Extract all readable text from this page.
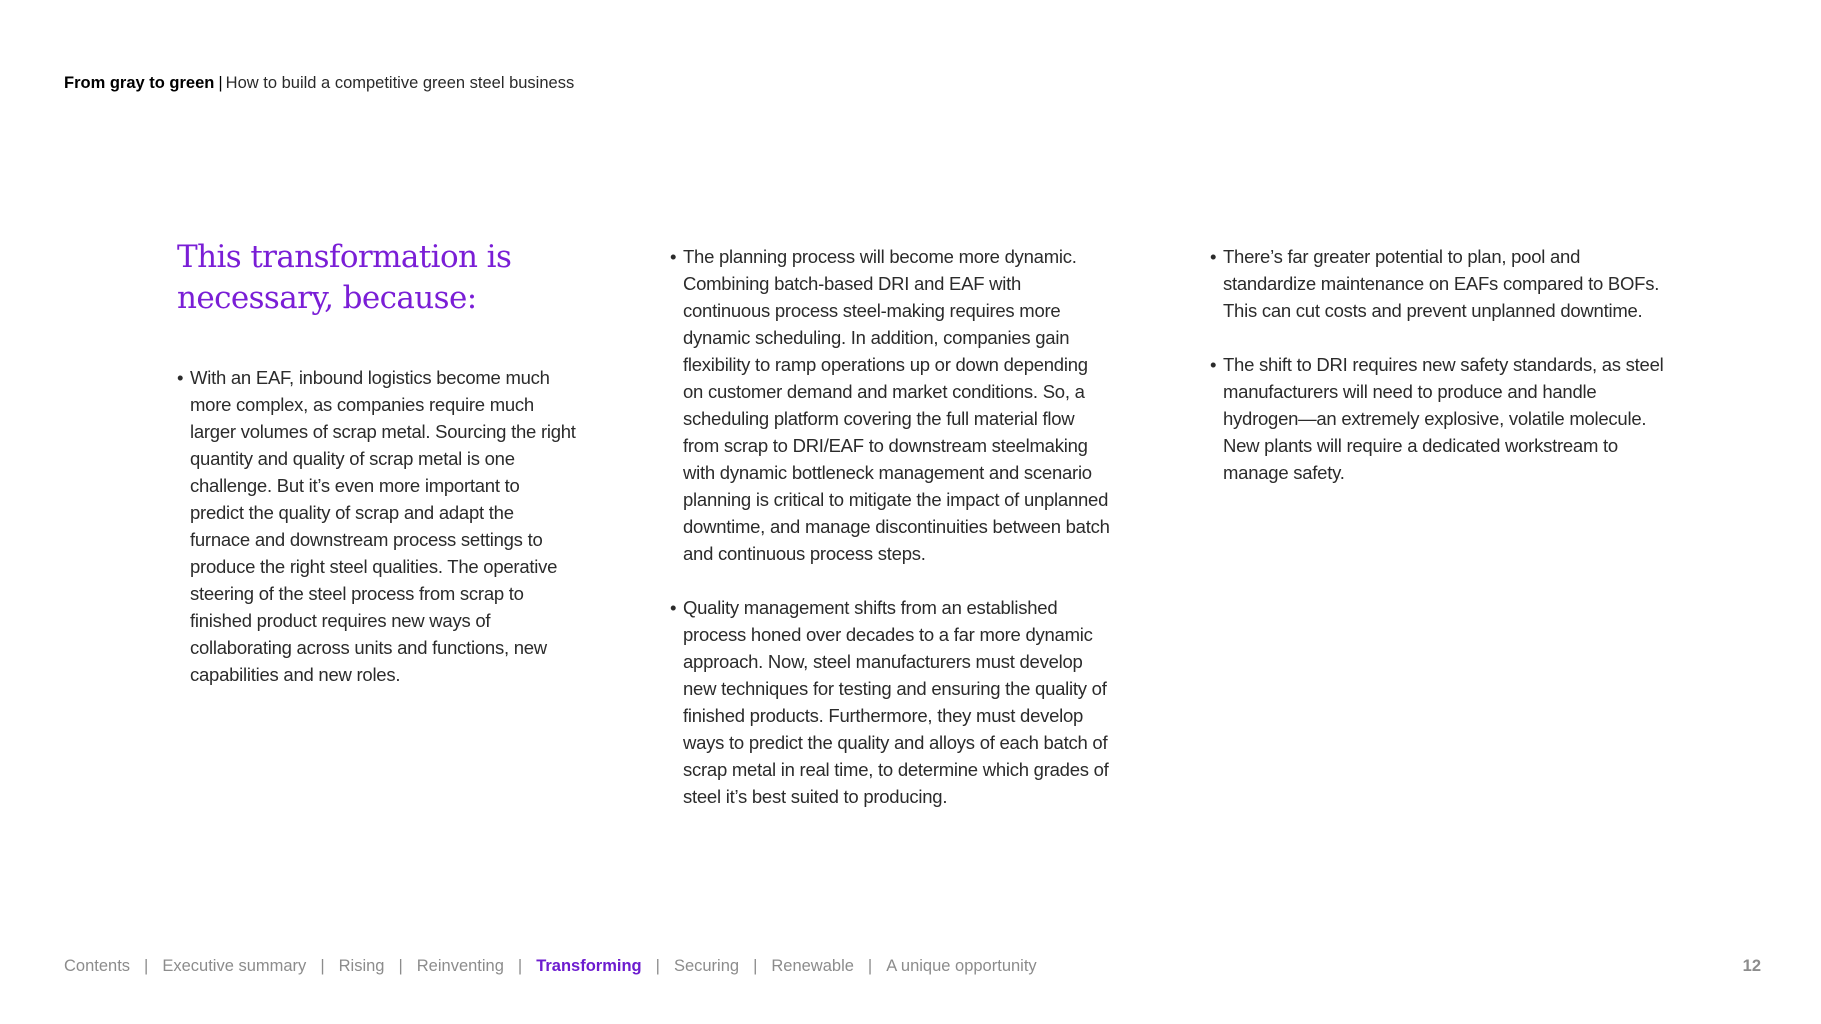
From gray to green | How to build a competitive green steel business
This transformation is
necessary, because:
• With an EAF, inbound logistics become much more complex, as companies require much larger volumes of scrap metal. Sourcing the right quantity and quality of scrap metal is one challenge. But it’s even more important to predict the quality of scrap and adapt the furnace and downstream process settings to produce the right steel qualities. The operative steering of the steel process from scrap to finished product requires new ways of collaborating across units and functions, new capabilities and new roles.
• The planning process will become more dynamic. Combining batch-based DRI and EAF with continuous process steel-making requires more dynamic scheduling. In addition, companies gain flexibility to ramp operations up or down depending on customer demand and market conditions. So, a scheduling platform covering the full material flow from scrap to DRI/EAF to downstream steelmaking with dynamic bottleneck management and scenario planning is critical to mitigate the impact of unplanned downtime, and manage discontinuities between batch and continuous process steps.
• Quality management shifts from an established process honed over decades to a far more dynamic approach. Now, steel manufacturers must develop new techniques for testing and ensuring the quality of finished products. Furthermore, they must develop ways to predict the quality and alloys of each batch of scrap metal in real time, to determine which grades of steel it’s best suited to producing.
• There’s far greater potential to plan, pool and standardize maintenance on EAFs compared to BOFs. This can cut costs and prevent unplanned downtime.
• The shift to DRI requires new safety standards, as steel manufacturers will need to produce and handle hydrogen—an extremely explosive, volatile molecule. New plants will require a dedicated workstream to manage safety.
Contents | Executive summary | Rising | Reinventing | Transforming | Securing | Renewable | A unique opportunity	12
